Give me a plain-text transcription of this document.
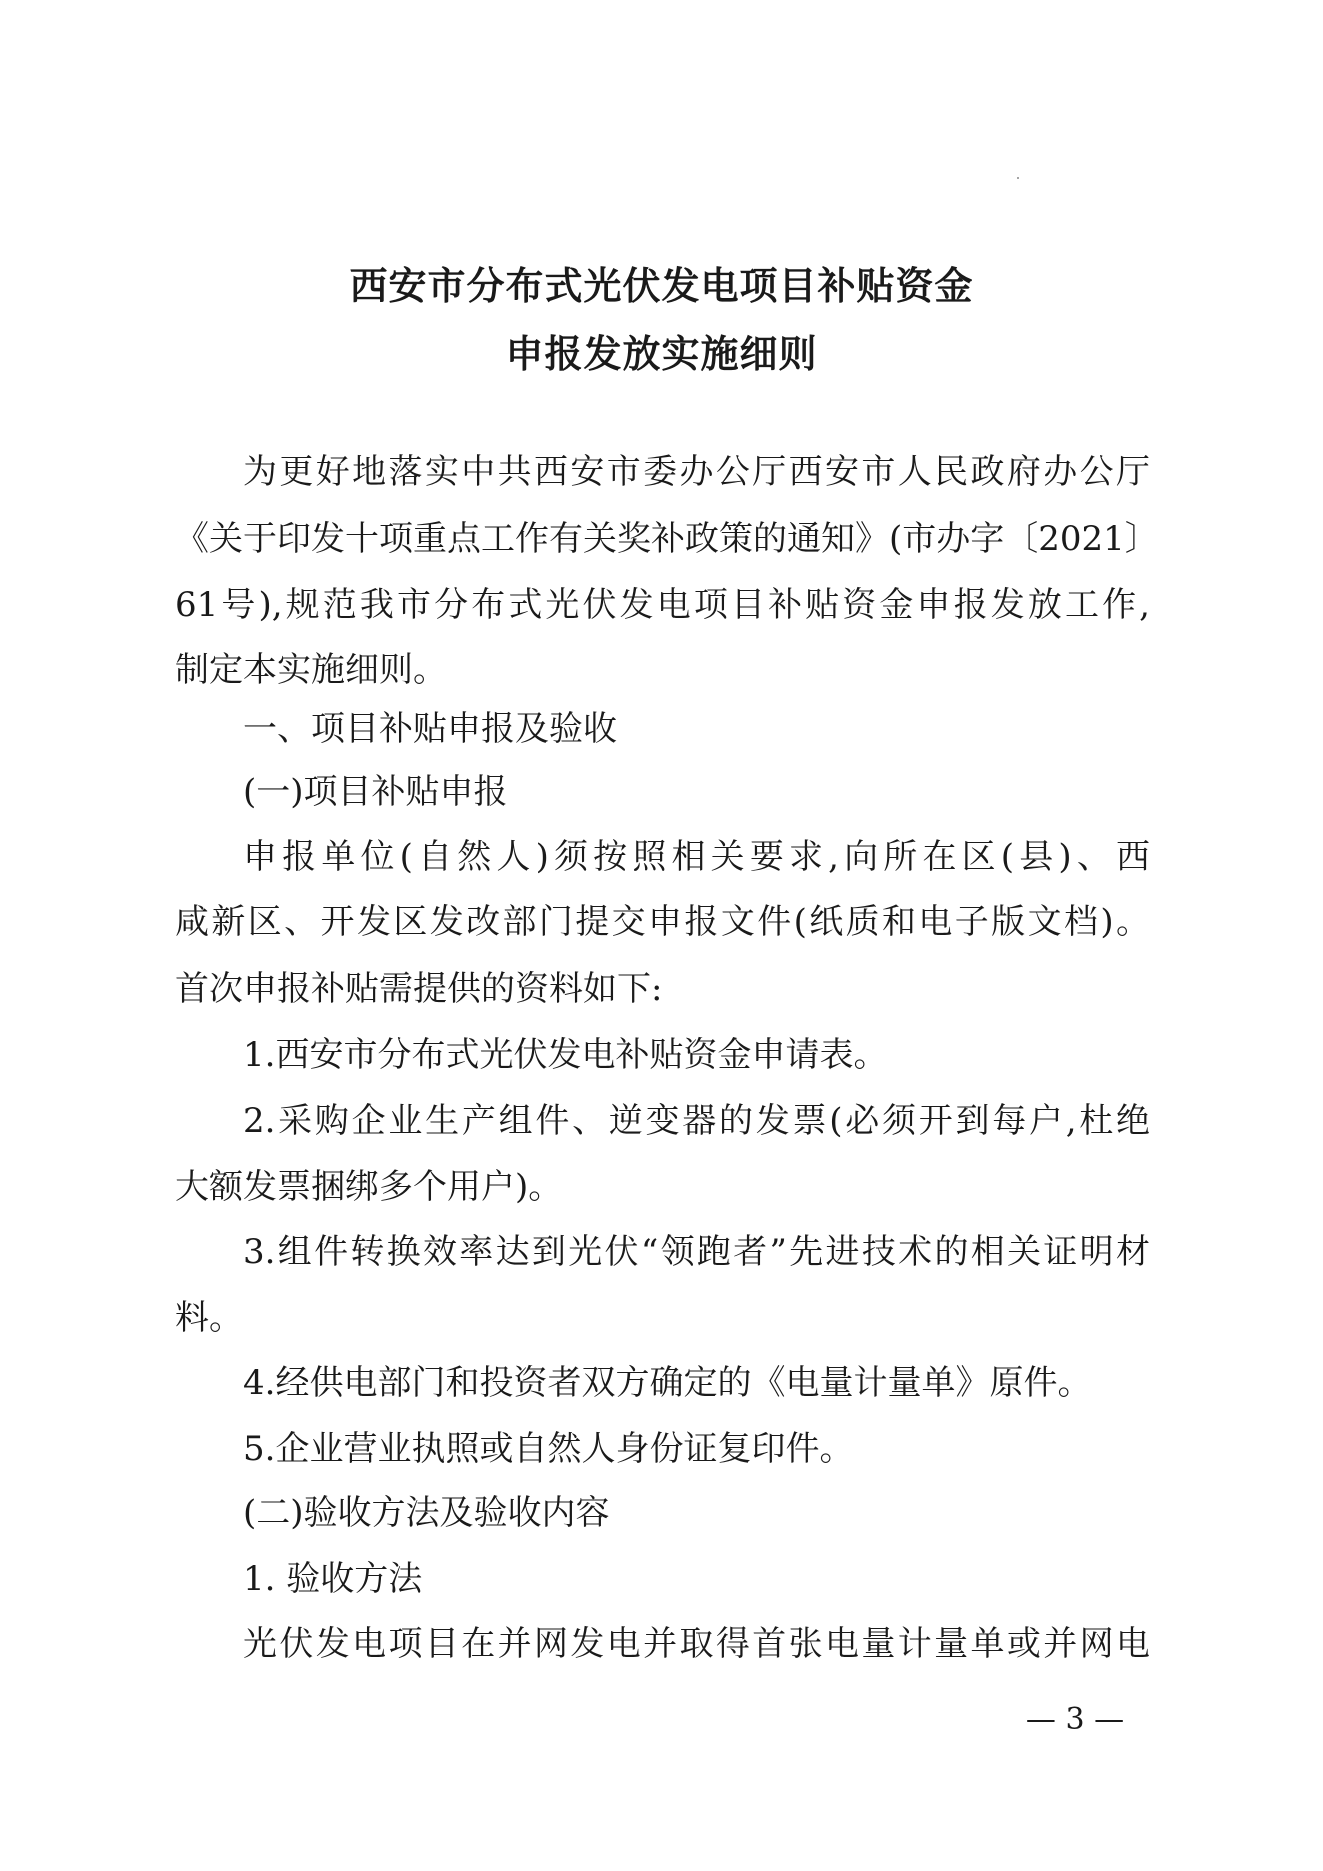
西安市分布式光伏发电项目补贴资金
申报发放实施细则
为更好地落实中共西安市委办公厅西安市人民政府办公厅
《关于印发十项重点工作有关奖补政策的通知》(市办字〔2021〕
61号),规范我市分布式光伏发电项目补贴资金申报发放工作,
制定本实施细则。
一、项目补贴申报及验收
(一)项目补贴申报
申报单位(自然人)须按照相关要求,向所在区(县)、西
咸新区、开发区发改部门提交申报文件(纸质和电子版文档)。
首次申报补贴需提供的资料如下:
1.西安市分布式光伏发电补贴资金申请表。
2.采购企业生产组件、逆变器的发票(必须开到每户,杜绝
大额发票捆绑多个用户)。
3.组件转换效率达到光伏“领跑者”先进技术的相关证明材
料。
4.经供电部门和投资者双方确定的《电量计量单》原件。
5.企业营业执照或自然人身份证复印件。
(二)验收方法及验收内容
1. 验收方法
光伏发电项目在并网发电并取得首张电量计量单或并网电
— 3 —
